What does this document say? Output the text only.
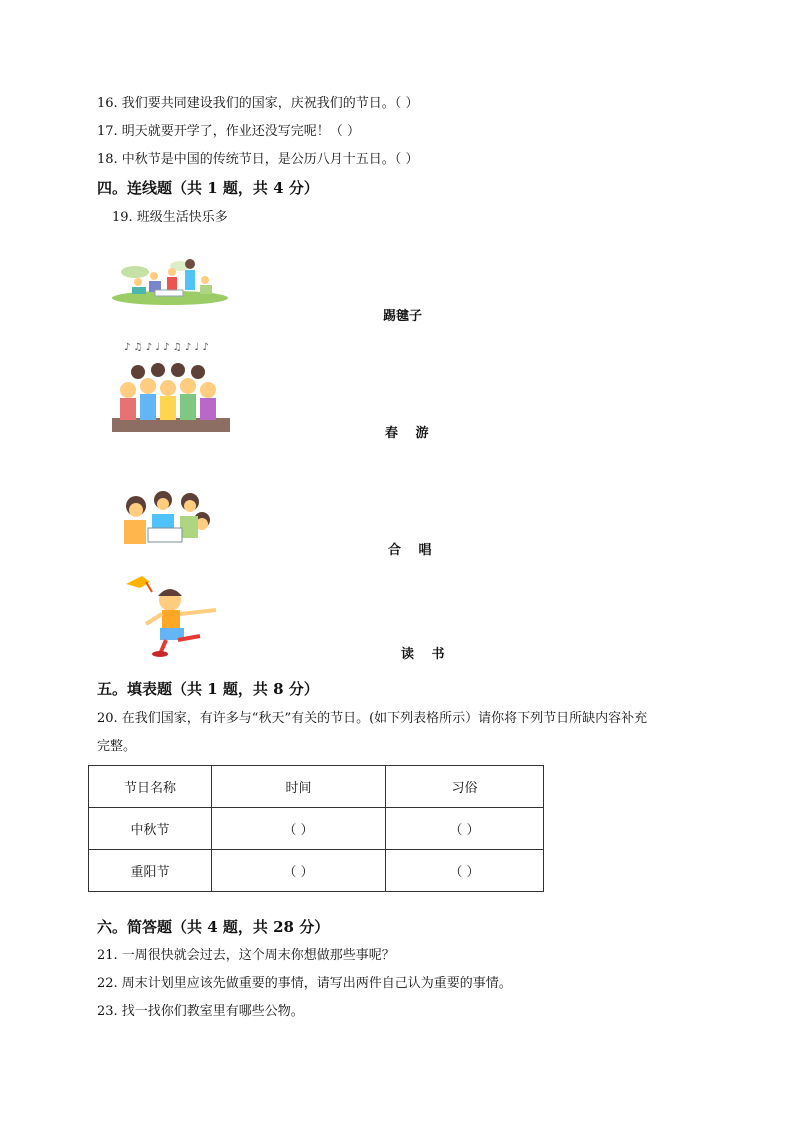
16. 我们要共同建设我们的国家，庆祝我们的节日。（ ）
17. 明天就要开学了，作业还没写完呢！（ ）
18. 中秋节是中国的传统节日，是公历八月十五日。（ ）
四。连线题（共 1 题，共 4 分）
19. 班级生活快乐多
踢毽子
♪ ♫ ♪ ♩ ♪ ♫ ♪ ♩ ♪
春　 游
合　 唱
读　 书
五。填表题（共 1 题，共 8 分）
20. 在我们国家，有许多与“秋天”有关的节日。(如下列表格所示）请你将下列节日所缺内容补充
完整。
节日名称	时间	习俗
中秋节	（ ）	（ ）
重阳节	（ ）	（ ）
六。简答题（共 4 题，共 28 分）
21. 一周很快就会过去，这个周末你想做那些事呢？
22. 周末计划里应该先做重要的事情，请写出两件自己认为重要的事情。
23. 找一找你们教室里有哪些公物。
